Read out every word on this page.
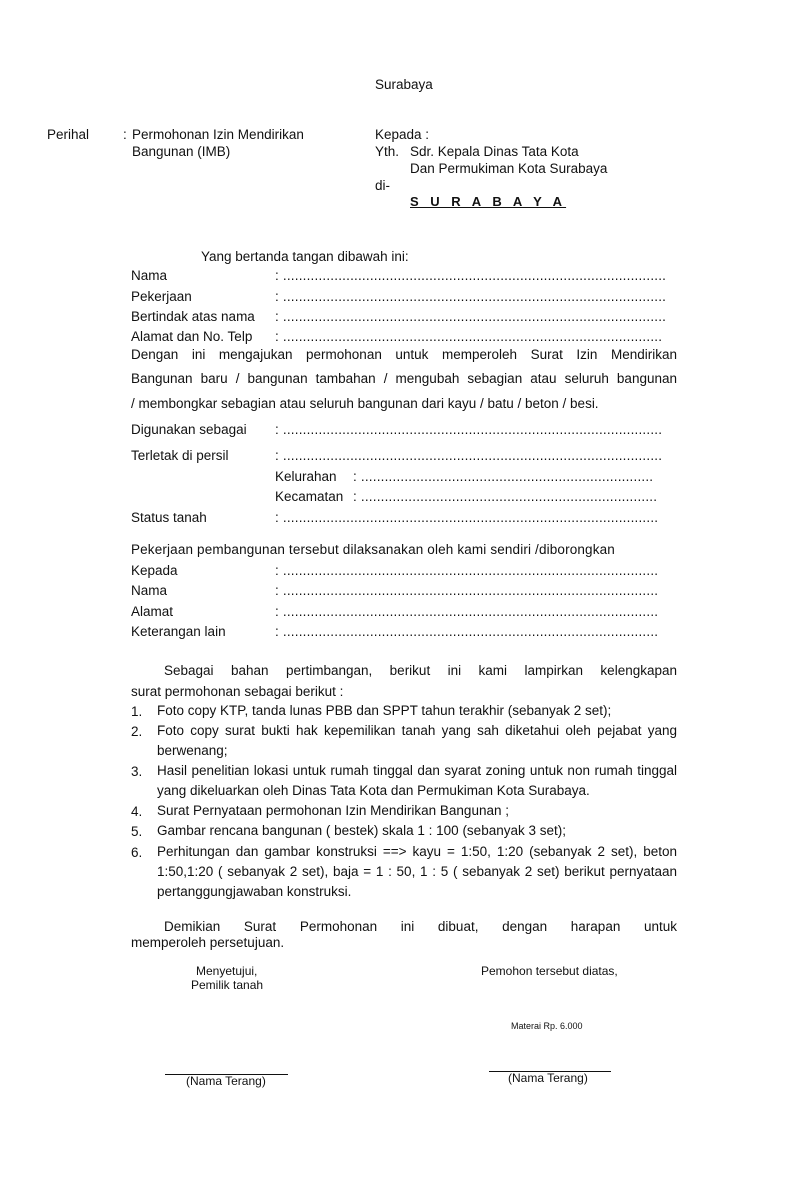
Surabaya
Perihal	: Permohonan Izin Mendirikan
Bangunan (IMB)
Kepada :
Yth. Sdr. Kepala Dinas Tata Kota
Dan Permukiman Kota Surabaya
di-
S U R A B A Y A
Yang bertanda tangan dibawah ini:
Nama	: .................................................................................................
Pekerjaan	: .................................................................................................
Bertindak atas nama : .................................................................................................
Alamat dan No. Telp : ................................................................................................
Dengan ini mengajukan permohonan untuk memperoleh Surat Izin Mendirikan
Bangunan baru / bangunan tambahan / mengubah sebagian atau seluruh bangunan
/ membongkar sebagian atau seluruh bangunan dari kayu / batu / beton / besi.
Digunakan sebagai : ................................................................................................
Terletak di persil	: ................................................................................................
Kelurahan : ..........................................................................
Kecamatan : ...........................................................................
Status tanah	: ...............................................................................................
Pekerjaan pembangunan tersebut dilaksanakan oleh kami sendiri /diborongkan
Kepada	: ...............................................................................................
Nama	: ...............................................................................................
Alamat	: ...............................................................................................
Keterangan lain	: ...............................................................................................
Sebagai bahan pertimbangan, berikut ini kami lampirkan kelengkapan
surat permohonan sebagai berikut :
1. Foto copy KTP, tanda lunas PBB dan SPPT tahun terakhir (sebanyak 2 set);
2. Foto copy surat bukti hak kepemilikan tanah yang sah diketahui oleh pejabat yang berwenang;
3. Hasil penelitian lokasi untuk rumah tinggal dan syarat zoning untuk non rumah tinggal yang dikeluarkan oleh Dinas Tata Kota dan Permukiman Kota Surabaya.
4. Surat Pernyataan permohonan Izin Mendirikan Bangunan ;
5. Gambar rencana bangunan ( bestek) skala 1 : 100 (sebanyak 3 set);
6. Perhitungan dan gambar konstruksi ==> kayu = 1:50, 1:20 (sebanyak 2 set), beton 1:50,1:20 ( sebanyak 2 set), baja = 1 : 50, 1 : 5 ( sebanyak 2 set) berikut pernyataan pertanggungjawaban konstruksi.
Demikian Surat Permohonan ini dibuat, dengan harapan untuk
memperoleh persetujuan.
Menyetujui,
Pemilik tanah
Pemohon tersebut diatas,
Materai Rp. 6.000
(Nama Terang)	(Nama Terang)
